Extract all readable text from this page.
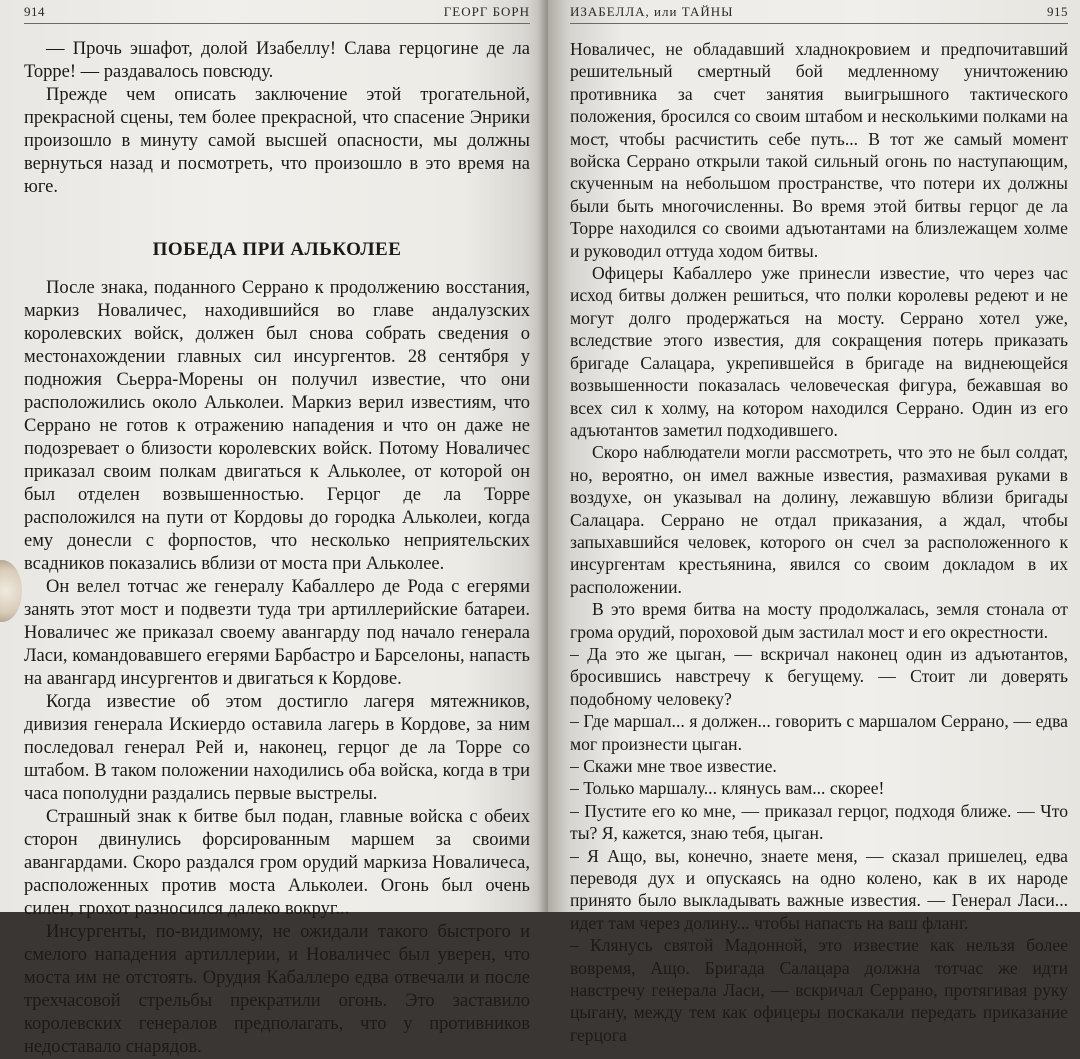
914	ГЕОРГ БОРН

— Прочь эшафот, долой Изабеллу! Слава герцогине де ла Торре! — раздавалось повсюду.

Прежде чем описать заключение этой трогательной, прекрасной сцены, тем более прекрасной, что спасение Энрики произошло в минуту самой высшей опасности, мы должны вернуться назад и посмотреть, что произошло в это время на юге.

ПОБЕДА ПРИ АЛЬКОЛЕЕ

После знака, поданного Серрано к продолжению восстания, маркиз Новаличес, находившийся во главе андалузских королевских войск, должен был снова собрать сведения о местонахождении главных сил инсургентов. 28 сентября у подножия Сьерра-Морены он получил известие, что они расположились около Альколеи. Маркиз верил известиям, что Серрано не готов к отражению нападения и что он даже не подозревает о близости королевских войск. Потому Новаличес приказал своим полкам двигаться к Альколее, от которой он был отделен возвышенностью. Герцог де ла Торре расположился на пути от Кордовы до городка Альколеи, когда ему донесли с форпостов, что несколько неприятельских всадников показались вблизи от моста при Альколее.

Он велел тотчас же генералу Кабаллеро де Рода с егерями занять этот мост и подвезти туда три артиллерийские батареи. Новаличес же приказал своему авангарду под начало генерала Ласи, командовавшего егерями Барбастро и Барселоны, напасть на авангард инсургентов и двигаться к Кордове.

Когда известие об этом достигло лагеря мятежников, дивизия генерала Искиердо оставила лагерь в Кордове, за ним последовал генерал Рей и, наконец, герцог де ла Торре со штабом. В таком положении находились оба войска, когда в три часа пополудни раздались первые выстрелы.

Страшный знак к битве был подан, главные войска с обеих сторон двинулись форсированным маршем за своими авангардами. Скоро раздался гром орудий маркиза Новаличеса, расположенных против моста Альколеи. Огонь был очень силен, грохот разносился далеко вокруг...

Инсургенты, по-видимому, не ожидали такого быстрого и смелого нападения артиллерии, и Новаличес был уверен, что моста им не отстоять. Орудия Кабаллеро едва отвечали и после трехчасовой стрельбы прекратили огонь. Это заставило королевских генералов предполагать, что у противников недоставало снарядов.

ИЗАБЕЛЛА, или ТАЙНЫ	915

Новаличес, не обладавший хладнокровием и предпочитавший решительный смертный бой медленному уничтожению противника за счет занятия выигрышного тактического положения, бросился со своим штабом и несколькими полками на мост, чтобы расчистить себе путь... В тот же самый момент войска Серрано открыли такой сильный огонь по наступающим, скученным на небольшом пространстве, что потери их должны были быть многочисленны. Во время этой битвы герцог де ла Торре находился со своими адъютантами на близлежащем холме и руководил оттуда ходом битвы.

Офицеры Кабаллеро уже принесли известие, что через час исход битвы должен решиться, что полки королевы редеют и не могут долго продержаться на мосту. Серрано хотел уже, вследствие этого известия, для сокращения потерь приказать бригаде Салацара, укрепившейся в бригаде на виднеющейся возвышенности показалась человеческая фигура, бежавшая во всех сил к холму, на котором находился Серрано. Один из его адъютантов заметил подходившего.

Скоро наблюдатели могли рассмотреть, что это не был солдат, но, вероятно, он имел важные известия, размахивая руками в воздухе, он указывал на долину, лежавшую вблизи бригады Салацара. Серрано не отдал приказания, а ждал, чтобы запыхавшийся человек, которого он счел за расположенного к инсургентам крестьянина, явился со своим докладом в их расположении.

В это время битва на мосту продолжалась, земля стонала от грома орудий, пороховой дым застилал мост и его окрестности.

– Да это же цыган, — вскричал наконец один из адъютантов, бросившись навстречу к бегущему. — Стоит ли доверять подобному человеку?

– Где маршал... я должен... говорить с маршалом Серрано, — едва мог произнести цыган.

– Скажи мне твое известие.

– Только маршалу... клянусь вам... скорее!

– Пустите его ко мне, — приказал герцог, подходя ближе. — Что ты? Я, кажется, знаю тебя, цыган.

– Я Ащо, вы, конечно, знаете меня, — сказал пришелец, едва переводя дух и опускаясь на одно колено, как в их народе принято было выкладывать важные известия. — Генерал Ласи... идет там через долину... чтобы напасть на ваш фланг.

– Клянусь святой Мадонной, это известие как нельзя более вовремя, Ащо. Бригада Салацара должна тотчас же идти навстречу генерала Ласи, — вскричал Серрано, протягивая руку цыгану, между тем как офицеры поскакали передать приказание герцога
